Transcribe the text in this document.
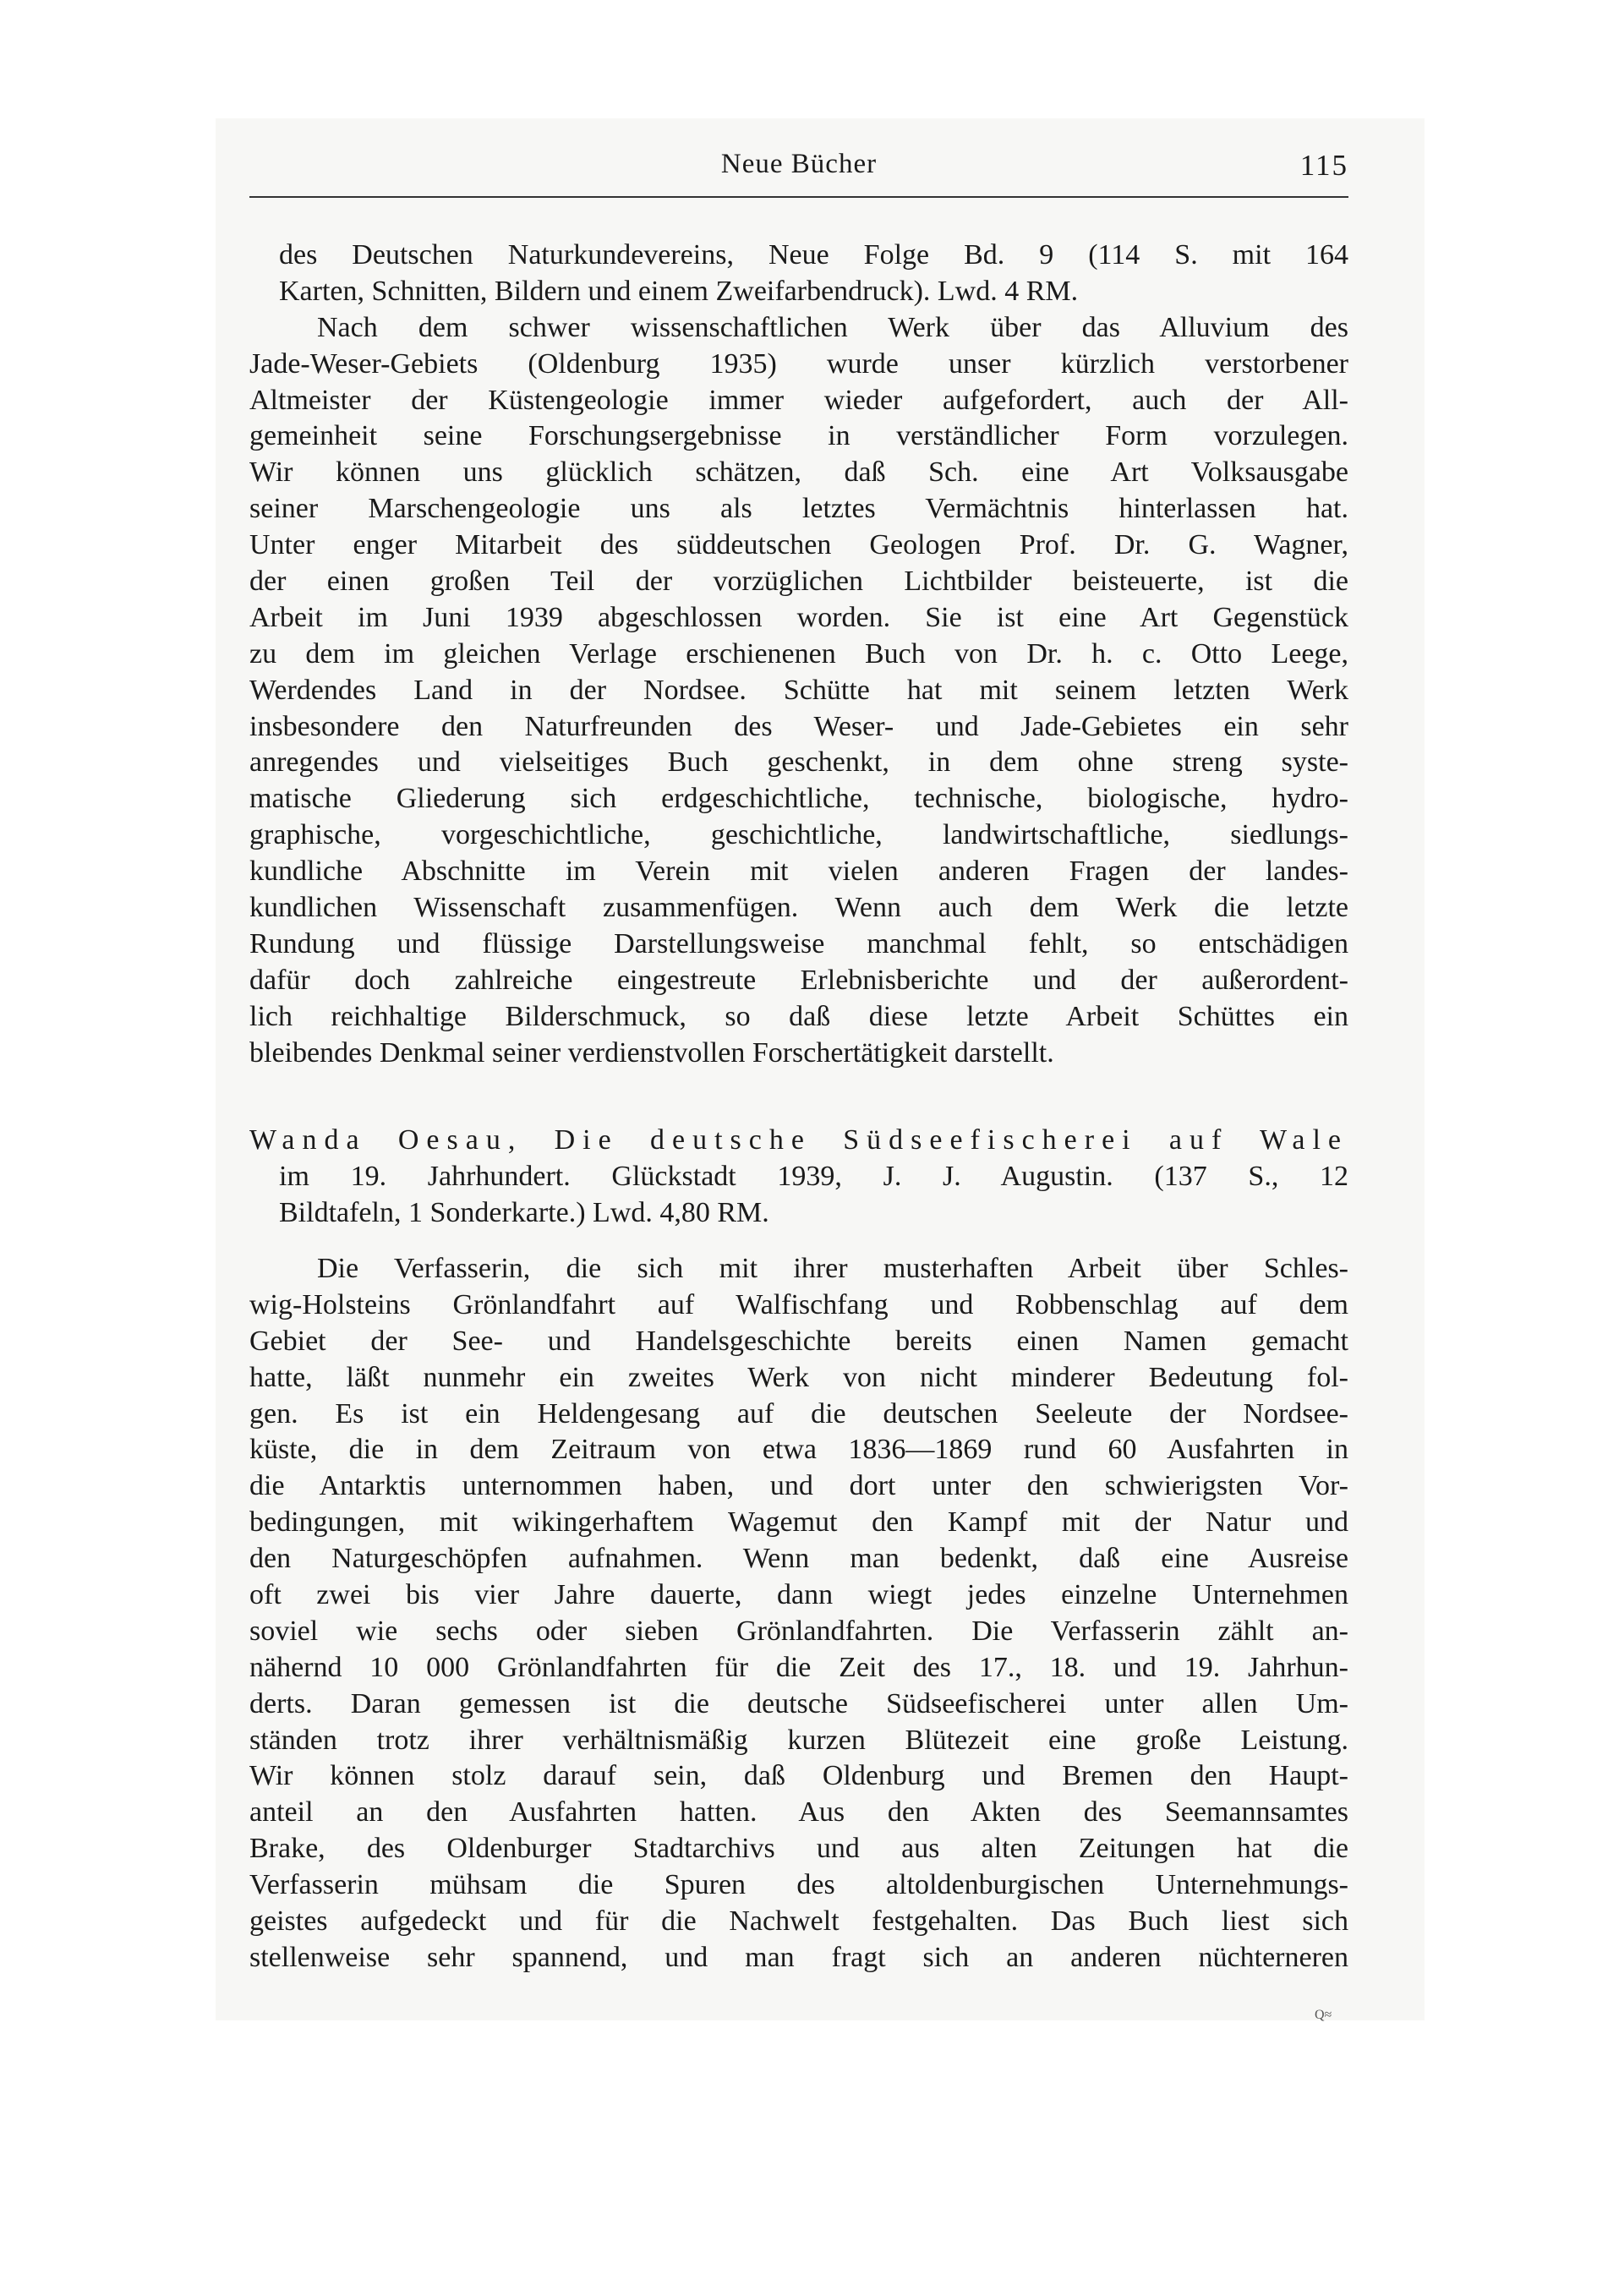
Neue Bücher	115
des Deutschen Naturkundevereins, Neue Folge Bd. 9 (114 S. mit 164
Karten, Schnitten, Bildern und einem Zweifarbendruck). Lwd. 4 RM.
Nach dem schwer wissenschaftlichen Werk über das Alluvium des
Jade-Weser-Gebiets (Oldenburg 1935) wurde unser kürzlich verstorbener
Altmeister der Küstengeologie immer wieder aufgefordert, auch der All-
gemeinheit seine Forschungsergebnisse in verständlicher Form vorzulegen.
Wir können uns glücklich schätzen, daß Sch. eine Art Volksausgabe
seiner Marschengeologie uns als letztes Vermächtnis hinterlassen hat.
Unter enger Mitarbeit des süddeutschen Geologen Prof. Dr. G. Wagner,
der einen großen Teil der vorzüglichen Lichtbilder beisteuerte, ist die
Arbeit im Juni 1939 abgeschlossen worden. Sie ist eine Art Gegenstück
zu dem im gleichen Verlage erschienenen Buch von Dr. h. c. Otto Leege,
Werdendes Land in der Nordsee. Schütte hat mit seinem letzten Werk
insbesondere den Naturfreunden des Weser- und Jade-Gebietes ein sehr
anregendes und vielseitiges Buch geschenkt, in dem ohne streng syste-
matische Gliederung sich erdgeschichtliche, technische, biologische, hydro-
graphische, vorgeschichtliche, geschichtliche, landwirtschaftliche, siedlungs-
kundliche Abschnitte im Verein mit vielen anderen Fragen der landes-
kundlichen Wissenschaft zusammenfügen. Wenn auch dem Werk die letzte
Rundung und flüssige Darstellungsweise manchmal fehlt, so entschädigen
dafür doch zahlreiche eingestreute Erlebnisberichte und der außerordent-
lich reichhaltige Bilderschmuck, so daß diese letzte Arbeit Schüttes ein
bleibendes Denkmal seiner verdienstvollen Forschertätigkeit darstellt.
Wanda Oesau, Die deutsche Südseefischerei auf Wale
im 19. Jahrhundert. Glückstadt 1939, J. J. Augustin. (137 S., 12
Bildtafeln, 1 Sonderkarte.) Lwd. 4,80 RM.
Die Verfasserin, die sich mit ihrer musterhaften Arbeit über Schles-
wig-Holsteins Grönlandfahrt auf Walfischfang und Robbenschlag auf dem
Gebiet der See- und Handelsgeschichte bereits einen Namen gemacht
hatte, läßt nunmehr ein zweites Werk von nicht minderer Bedeutung fol-
gen. Es ist ein Heldengesang auf die deutschen Seeleute der Nordsee-
küste, die in dem Zeitraum von etwa 1836—1869 rund 60 Ausfahrten in
die Antarktis unternommen haben, und dort unter den schwierigsten Vor-
bedingungen, mit wikingerhaftem Wagemut den Kampf mit der Natur und
den Naturgeschöpfen aufnahmen. Wenn man bedenkt, daß eine Ausreise
oft zwei bis vier Jahre dauerte, dann wiegt jedes einzelne Unternehmen
soviel wie sechs oder sieben Grönlandfahrten. Die Verfasserin zählt an-
nähernd 10 000 Grönlandfahrten für die Zeit des 17., 18. und 19. Jahrhun-
derts. Daran gemessen ist die deutsche Südseefischerei unter allen Um-
ständen trotz ihrer verhältnismäßig kurzen Blütezeit eine große Leistung.
Wir können stolz darauf sein, daß Oldenburg und Bremen den Haupt-
anteil an den Ausfahrten hatten. Aus den Akten des Seemannsamtes
Brake, des Oldenburger Stadtarchivs und aus alten Zeitungen hat die
Verfasserin mühsam die Spuren des altoldenburgischen Unternehmungs-
geistes aufgedeckt und für die Nachwelt festgehalten. Das Buch liest sich
stellenweise sehr spannend, und man fragt sich an anderen nüchterneren
Q≈
